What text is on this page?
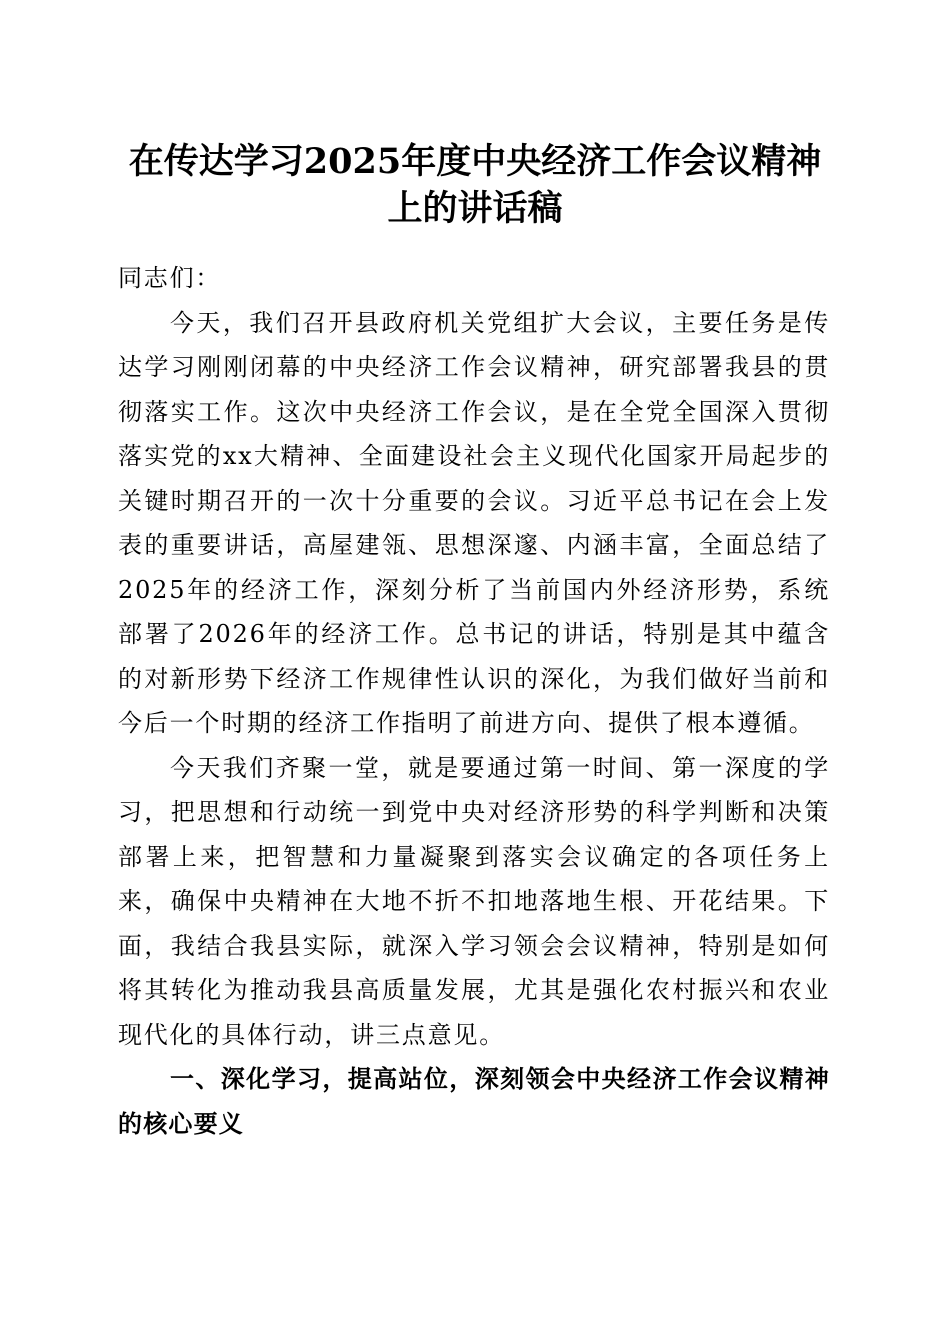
在传达学习2025年度中央经济工作会议精神
上的讲话稿

同志们：

今天，我们召开县政府机关党组扩大会议，主要任务是传达学习刚刚闭幕的中央经济工作会议精神，研究部署我县的贯彻落实工作。这次中央经济工作会议，是在全党全国深入贯彻落实党的xx大精神、全面建设社会主义现代化国家开局起步的关键时期召开的一次十分重要的会议。习近平总书记在会上发表的重要讲话，高屋建瓴、思想深邃、内涵丰富，全面总结了2025年的经济工作，深刻分析了当前国内外经济形势，系统部署了2026年的经济工作。总书记的讲话，特别是其中蕴含的对新形势下经济工作规律性认识的深化，为我们做好当前和今后一个时期的经济工作指明了前进方向、提供了根本遵循。

今天我们齐聚一堂，就是要通过第一时间、第一深度的学习，把思想和行动统一到党中央对经济形势的科学判断和决策部署上来，把智慧和力量凝聚到落实会议确定的各项任务上来，确保中央精神在大地不折不扣地落地生根、开花结果。下面，我结合我县实际，就深入学习领会会议精神，特别是如何将其转化为推动我县高质量发展，尤其是强化农村振兴和农业现代化的具体行动，讲三点意见。

一、深化学习，提高站位，深刻领会中央经济工作会议精神的核心要义
